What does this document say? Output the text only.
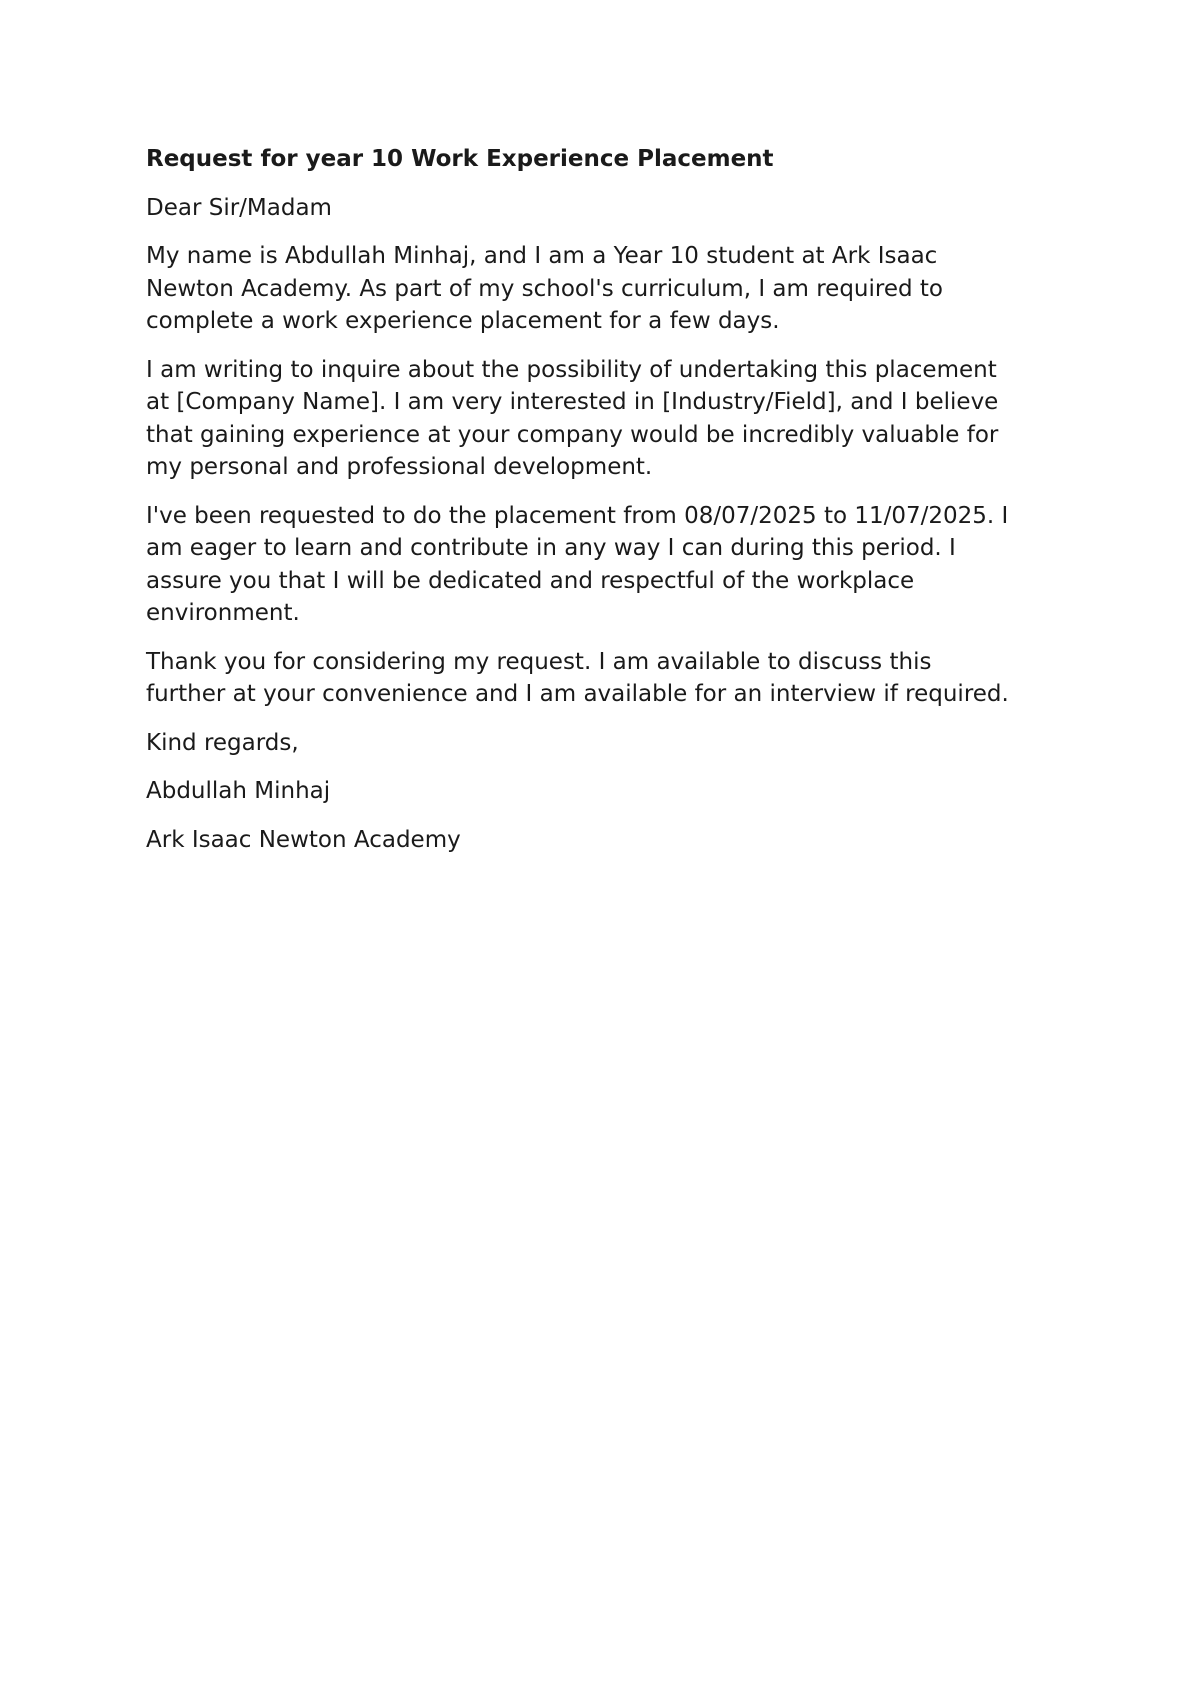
Request for year 10 Work Experience Placement

Dear Sir/Madam

My name is Abdullah Minhaj, and I am a Year 10 student at Ark Isaac
Newton Academy. As part of my school's curriculum, I am required to
complete a work experience placement for a few days.

I am writing to inquire about the possibility of undertaking this placement
at [Company Name]. I am very interested in [Industry/Field], and I believe
that gaining experience at your company would be incredibly valuable for
my personal and professional development.

I've been requested to do the placement from 08/07/2025 to 11/07/2025. I
am eager to learn and contribute in any way I can during this period. I
assure you that I will be dedicated and respectful of the workplace
environment.

Thank you for considering my request. I am available to discuss this
further at your convenience and I am available for an interview if required.

Kind regards,

Abdullah Minhaj

Ark Isaac Newton Academy
